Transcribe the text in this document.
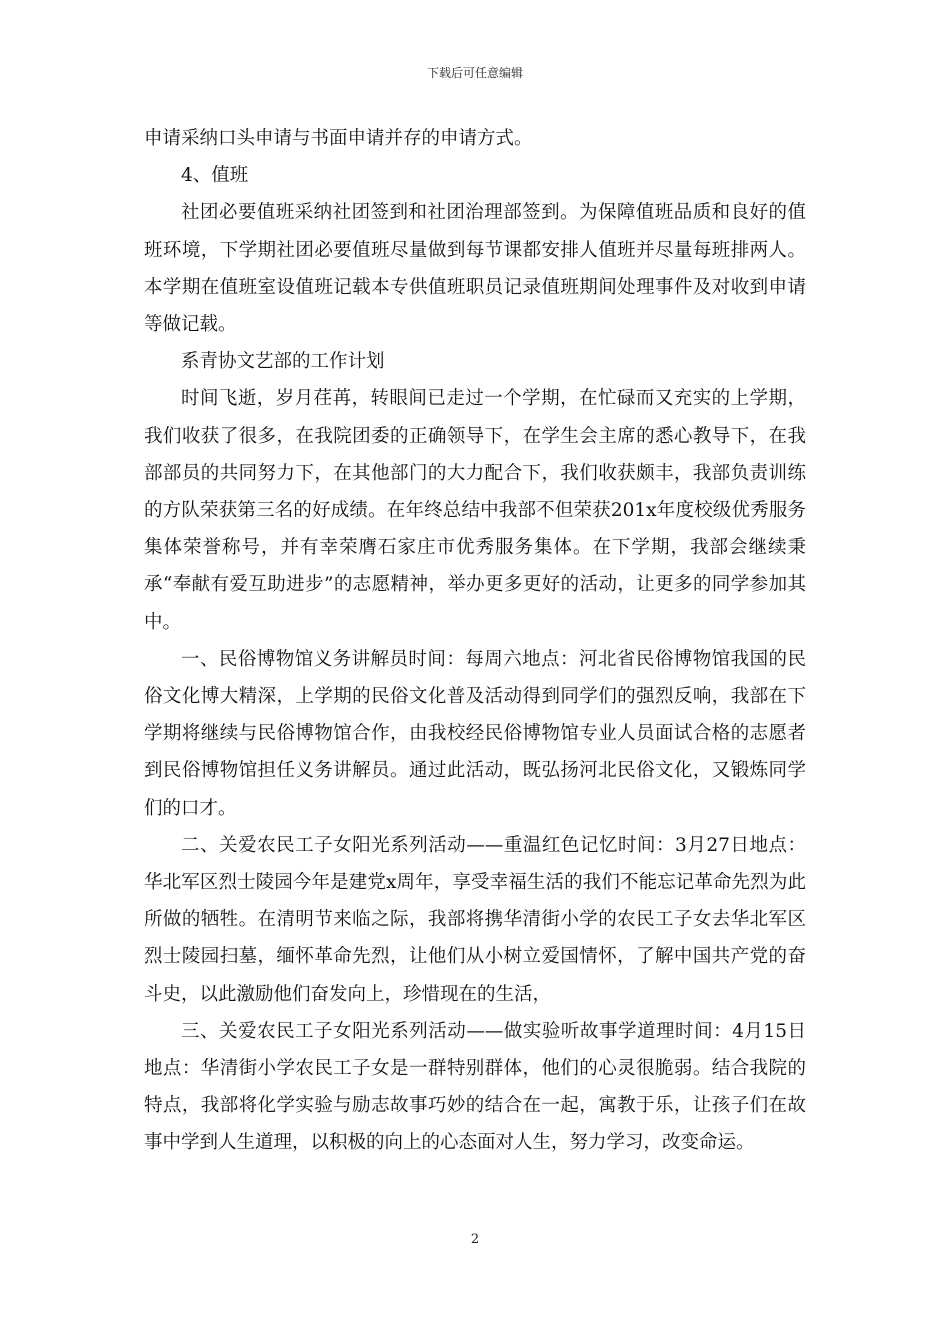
下载后可任意编辑

申请采纳口头申请与书面申请并存的申请方式。

4、值班

社团必要值班采纳社团签到和社团治理部签到。为保障值班品质和良好的值班环境，下学期社团必要值班尽量做到每节课都安排人值班并尽量每班排两人。本学期在值班室设值班记载本专供值班职员记录值班期间处理事件及对收到申请等做记载。

系青协文艺部的工作计划

时间飞逝，岁月荏苒，转眼间已走过一个学期，在忙碌而又充实的上学期，我们收获了很多，在我院团委的正确领导下，在学生会主席的悉心教导下，在我部部员的共同努力下，在其他部门的大力配合下，我们收获颇丰，我部负责训练的方队荣获第三名的好成绩。在年终总结中我部不但荣获201x年度校级优秀服务集体荣誉称号，并有幸荣膺石家庄市优秀服务集体。在下学期，我部会继续秉承“奉献有爱互助进步”的志愿精神，举办更多更好的活动，让更多的同学参加其中。

一、民俗博物馆义务讲解员时间：每周六地点：河北省民俗博物馆我国的民俗文化博大精深，上学期的民俗文化普及活动得到同学们的强烈反响，我部在下学期将继续与民俗博物馆合作，由我校经民俗博物馆专业人员面试合格的志愿者到民俗博物馆担任义务讲解员。通过此活动，既弘扬河北民俗文化，又锻炼同学们的口才。

二、关爱农民工子女阳光系列活动——重温红色记忆时间：3月27日地点：华北军区烈士陵园今年是建党x周年，享受幸福生活的我们不能忘记革命先烈为此所做的牺牲。在清明节来临之际，我部将携华清街小学的农民工子女去华北军区烈士陵园扫墓，缅怀革命先烈，让他们从小树立爱国情怀，了解中国共产党的奋斗史，以此激励他们奋发向上，珍惜现在的生活，

三、关爱农民工子女阳光系列活动——做实验听故事学道理时间：4月15日地点：华清街小学农民工子女是一群特别群体，他们的心灵很脆弱。结合我院的特点，我部将化学实验与励志故事巧妙的结合在一起，寓教于乐，让孩子们在故事中学到人生道理，以积极的向上的心态面对人生，努力学习，改变命运。

2
